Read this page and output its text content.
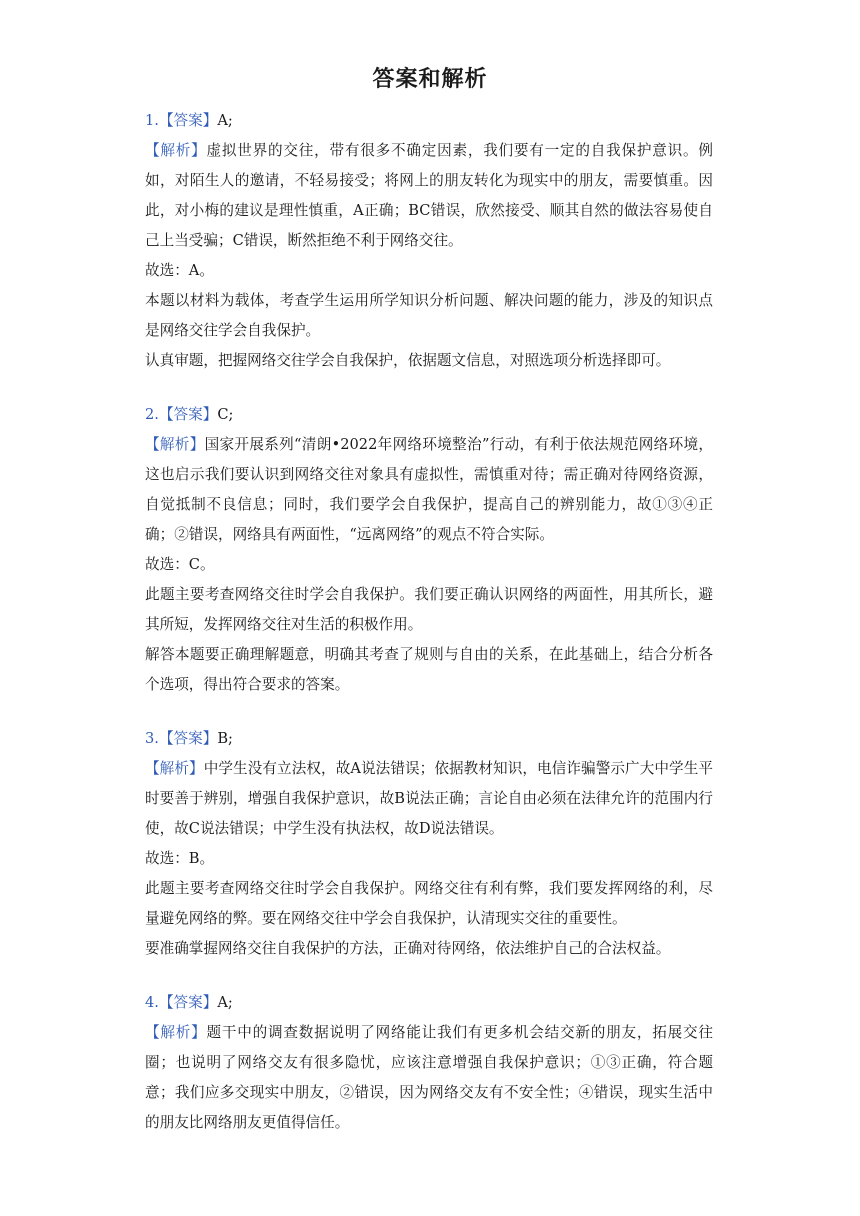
答案和解析

1.【答案】A;

【解析】虚拟世界的交往，带有很多不确定因素，我们要有一定的自我保护意识。例如，对陌生人的邀请，不轻易接受；将网上的朋友转化为现实中的朋友，需要慎重。因此，对小梅的建议是理性慎重，A正确；BC错误，欣然接受、顺其自然的做法容易使自己上当受骗；C错误，断然拒绝不利于网络交往。

故选：A。

本题以材料为载体，考查学生运用所学知识分析问题、解决问题的能力，涉及的知识点是网络交往学会自我保护。

认真审题，把握网络交往学会自我保护，依据题文信息，对照选项分析选择即可。

2.【答案】C;

【解析】国家开展系列“清朗•2022年网络环境整治”行动，有利于依法规范网络环境，这也启示我们要认识到网络交往对象具有虚拟性，需慎重对待；需正确对待网络资源，自觉抵制不良信息；同时，我们要学会自我保护，提高自己的辨别能力，故①③④正确；②错误，网络具有两面性，“远离网络”的观点不符合实际。

故选：C。

此题主要考查网络交往时学会自我保护。我们要正确认识网络的两面性，用其所长，避其所短，发挥网络交往对生活的积极作用。

解答本题要正确理解题意，明确其考查了规则与自由的关系，在此基础上，结合分析各个选项，得出符合要求的答案。

3.【答案】B;

【解析】中学生没有立法权，故A说法错误；依据教材知识，电信诈骗警示广大中学生平时要善于辨别，增强自我保护意识，故B说法正确；言论自由必须在法律允许的范围内行使，故C说法错误；中学生没有执法权，故D说法错误。

故选：B。

此题主要考查网络交往时学会自我保护。网络交往有利有弊，我们要发挥网络的利，尽量避免网络的弊。要在网络交往中学会自我保护，认清现实交往的重要性。

要准确掌握网络交往自我保护的方法，正确对待网络，依法维护自己的合法权益。

4.【答案】A;

【解析】题干中的调查数据说明了网络能让我们有更多机会结交新的朋友，拓展交往圈；也说明了网络交友有很多隐忧，应该注意增强自我保护意识；①③正确，符合题意；我们应多交现实中朋友，②错误，因为网络交友有不安全性；④错误，现实生活中的朋友比网络朋友更值得信任。
